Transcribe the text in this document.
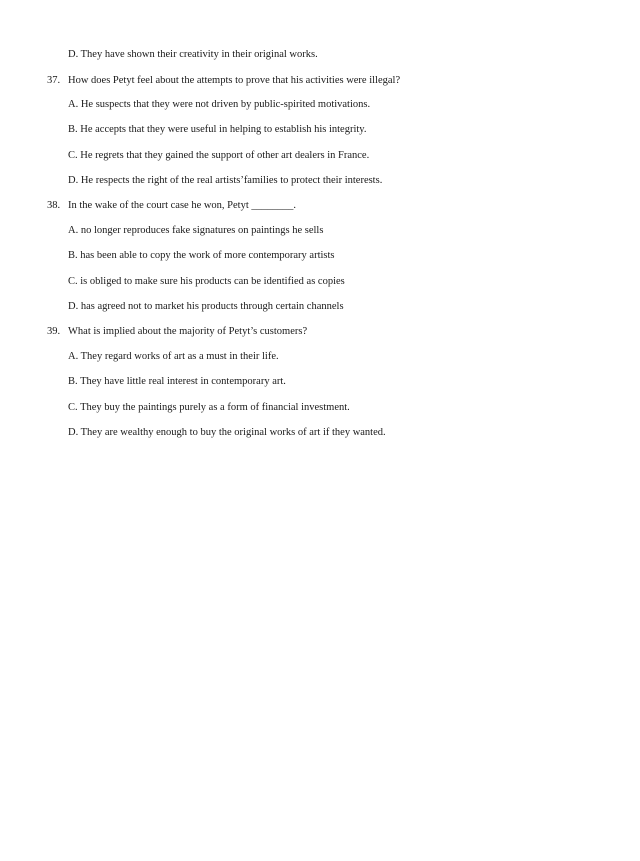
D. They have shown their creativity in their original works.
37. How does Petyt feel about the attempts to prove that his activities were illegal?
A. He suspects that they were not driven by public-spirited motivations.
B. He accepts that they were useful in helping to establish his integrity.
C. He regrets that they gained the support of other art dealers in France.
D. He respects the right of the real artists’families to protect their interests.
38. In the wake of the court case he won, Petyt ________.
A. no longer reproduces fake signatures on paintings he sells
B. has been able to copy the work of more contemporary artists
C. is obliged to make sure his products can be identified as copies
D. has agreed not to market his products through certain channels
39. What is implied about the majority of Petyt’s customers?
A. They regard works of art as a must in their life.
B. They have little real interest in contemporary art.
C. They buy the paintings purely as a form of financial investment.
D. They are wealthy enough to buy the original works of art if they wanted.
